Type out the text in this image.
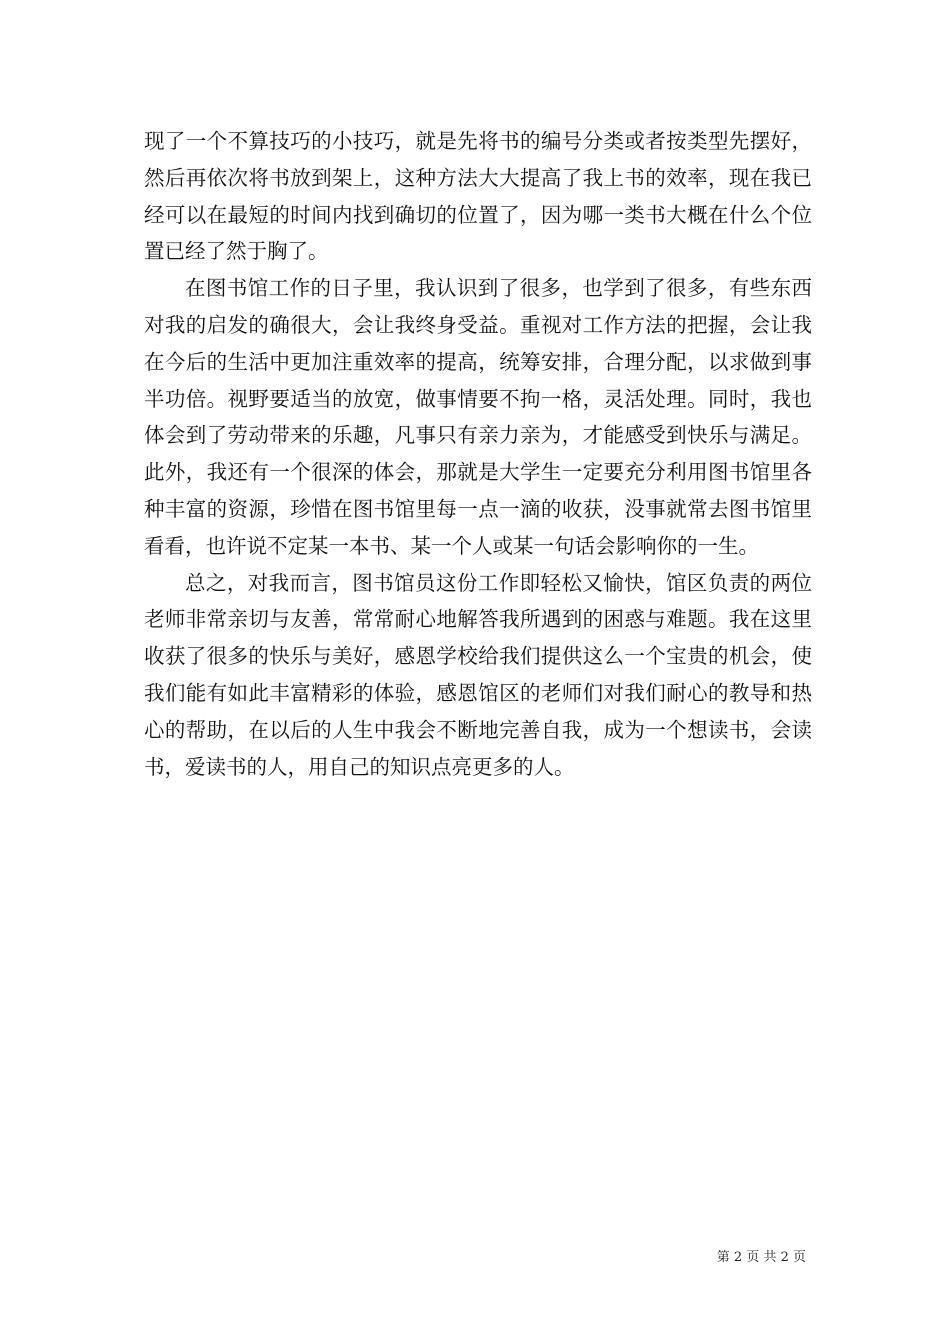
现了一个不算技巧的小技巧，就是先将书的编号分类或者按类型先摆好，然后再依次将书放到架上，这种方法大大提高了我上书的效率，现在我已经可以在最短的时间内找到确切的位置了，因为哪一类书大概在什么个位置已经了然于胸了。

在图书馆工作的日子里，我认识到了很多，也学到了很多，有些东西对我的启发的确很大，会让我终身受益。重视对工作方法的把握，会让我在今后的生活中更加注重效率的提高，统筹安排，合理分配，以求做到事半功倍。视野要适当的放宽，做事情要不拘一格，灵活处理。同时，我也体会到了劳动带来的乐趣，凡事只有亲力亲为，才能感受到快乐与满足。此外，我还有一个很深的体会，那就是大学生一定要充分利用图书馆里各种丰富的资源，珍惜在图书馆里每一点一滴的收获，没事就常去图书馆里看看，也许说不定某一本书、某一个人或某一句话会影响你的一生。

总之，对我而言，图书馆员这份工作即轻松又愉快，馆区负责的两位老师非常亲切与友善，常常耐心地解答我所遇到的困惑与难题。我在这里收获了很多的快乐与美好，感恩学校给我们提供这么一个宝贵的机会，使我们能有如此丰富精彩的体验，感恩馆区的老师们对我们耐心的教导和热心的帮助，在以后的人生中我会不断地完善自我，成为一个想读书，会读书，爱读书的人，用自己的知识点亮更多的人。

第 2 页 共 2 页
